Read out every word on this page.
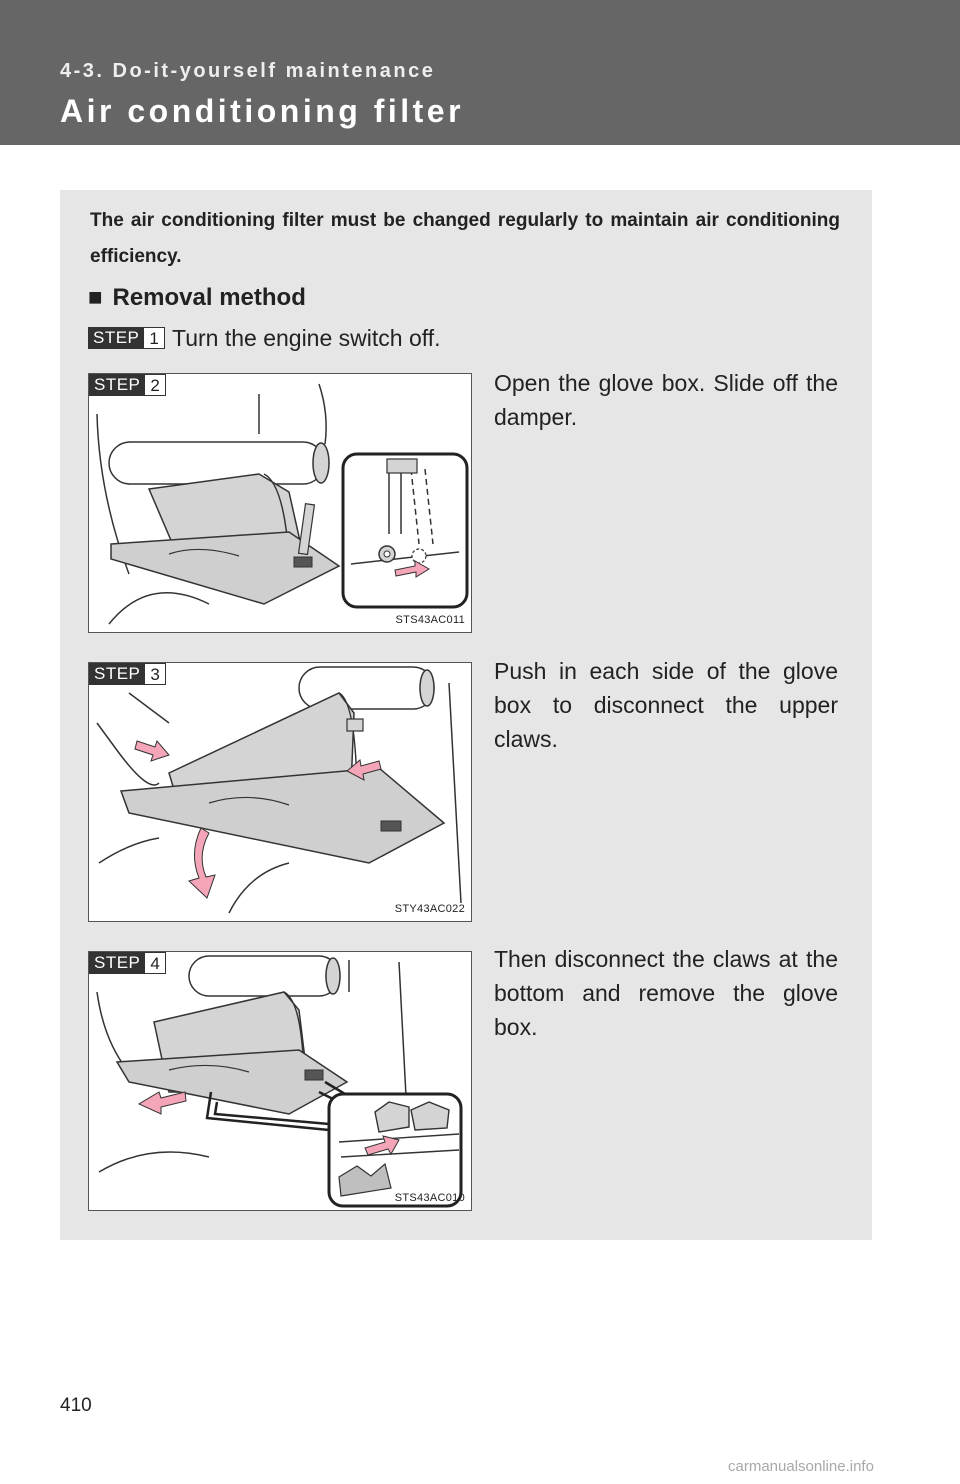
4-3. Do-it-yourself maintenance
Air conditioning filter
The air conditioning filter must be changed regularly to maintain air conditioning efficiency.
■ Removal method
STEP 1 Turn the engine switch off.
STEP 2
STS43AC011
Open the glove box. Slide off the damper.
STEP 3
STY43AC022
Push in each side of the glove box to disconnect the upper claws.
STEP 4
STS43AC010
Then disconnect the claws at the bottom and remove the glove box.
410
carmanualsonline.info
